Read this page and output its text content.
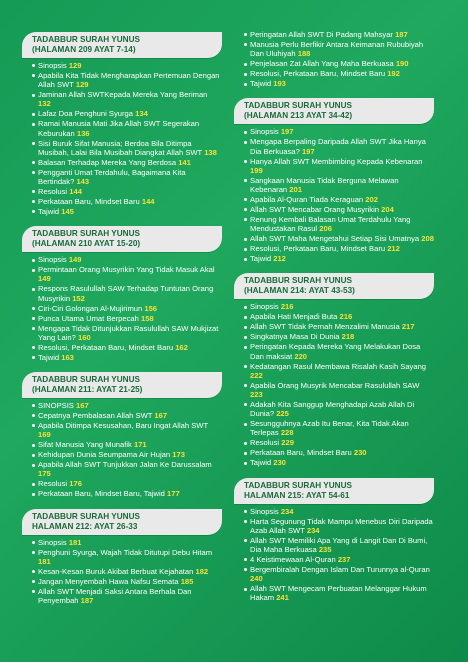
TADABBUR SURAH YUNUS
(HALAMAN 209 AYAT 7-14)
Sinopsis 129
Apabila Kita Tidak Mengharapkan Pertemuan Dengan Allah SWT 129
Jaminan Allah SWTKepada Mereka Yang Beriman 132
Lafaz Doa Penghuni Syurga 134
Ramai Manusia Mati Jika Allah SWT Segerakan Keburukan 136
Sisi Buruk Sifat Manusia; Berdoa Bila Ditimpa Musibah, Lalai Bila Musibah Diangkat Allah SWT 138
Balasan Terhadap Mereka Yang Berdosa 141
Pengganti Umat Terdahulu, Bagaimana Kita Bertindak? 143
Resolusi 144
Perkataan Baru, Mindset Baru 144
Tajwid 145
TADABBUR SURAH YUNUS
(HALAMAN 210 AYAT 15-20)
Sinopsis 149
Permintaan Orang Musyrikin Yang Tidak Masuk Akal 149
Respons Rasulullah SAW Terhadap Tuntutan Orang Musyrikin 152
Ciri-Ciri Golongan Al-Mujirimun 156
Punca Utama Umat Berpecah 158
Mengapa Tidak Ditunjukkan Rasulullah SAW Mukjizat Yang Lain? 160
Resolusi, Perkataan Baru, Mindset Baru 162
Tajwid 163
TADABBUR SURAH YUNUS
(HALAMAN 211: AYAT 21-25)
SINOPSIS 167
Cepatnya Pembalasan Allah SWT 167
Apabila Ditimpa Kesusahan, Baru Ingat Allah SWT 169
Sifat Manusia Yang Munafik 171
Kehidupan Dunia Seumpama Air Hujan 173
Apabila Allah SWT Tunjukkan Jalan Ke Darussalam 175
Resolusi 176
Perkataan Baru, Mindset Baru, Tajwid 177
TADABBUR SURAH YUNUS
HALAMAN 212: AYAT 26-33
Sinopsis 181
Penghuni Syurga, Wajah Tidak Ditutupi Debu Hitam 181
Kesan-Kesan Buruk Akibat Berbuat Kejahatan 182
Jangan Menyembah Hawa Nafsu Semata 185
Allah SWT Menjadi Saksi Antara Berhala Dan Penyembah 187
Peringatan Allah SWT Di Padang Mahsyar 187
Manusia Perlu Berfikir Antara Keimanan Rububiyah Dan Uluhiyah 188
Penjelasan Zat Allah Yang Maha Berkuasa 190
Resolusi, Perkataan Baru, Mindset Baru 192
Tajwid 193
TADABBUR SURAH YUNUS
(HALAMAN 213 AYAT 34-42)
Sinopsis 197
Mengapa Berpaling Daripada Allah SWT Jika Hanya Dia Berkuasa? 197
Hanya Allah SWT Membimbing Kepada Kebenaran 199
Sangkaan Manusia Tidak Berguna Melawan Kebenaran 201
Apabila Al-Quran Tiada Keraguan 202
Allah SWT Mencabar Orang Musyrikin 204
Renung Kembali Balasan Umat Terdahulu Yang Mendustakan Rasul 206
Allah SWT Maha Mengetahui Setiap Sisi Umatnya 208
Resolusi, Perkataan Baru, Mindset Baru 212
Tajwid 212
TADABBUR SURAH YUNUS
(HALAMAN 214: AYAT 43-53)
Sinopsis 216
Apabila Hati Menjadi Buta 216
Allah SWT Tidak Pernah Menzalimi Manusia 217
Singkatnya Masa Di Dunia 218
Peringatan Kepada Mereka Yang Melakukan Dosa Dan maksiat 220
Kedatangan Rasul Membawa Risalah Kasih Sayang 222
Apabila Orang Musyrik Mencabar Rasulullah SAW 223
Adakah Kita Sanggup Menghadapi Azab Allah Di Dunia? 225
Sesungguhnya Azab Itu Benar, Kita Tidak Akan Terlepas 228
Resolusi 229
Perkataan Baru, Mindset Baru 230
Tajwid 230
TADABBUR SURAH YUNUS
HALAMAN 215: AYAT 54-61
Sinopsis 234
Harta Segunung Tidak Mampu Menebus Diri Daripada Azab Allah SWT 234
Allah SWT Memiliki Apa Yang di Langit Dan Di Bumi, Dia Maha Berkuasa 235
4 Keistimewaan Al-Quran 237
Bergembiralah Dengan Islam Dan Turunnya al-Quran 240
Allah SWT Mengecam Perbuatan Melanggar Hukum Hakam 241
